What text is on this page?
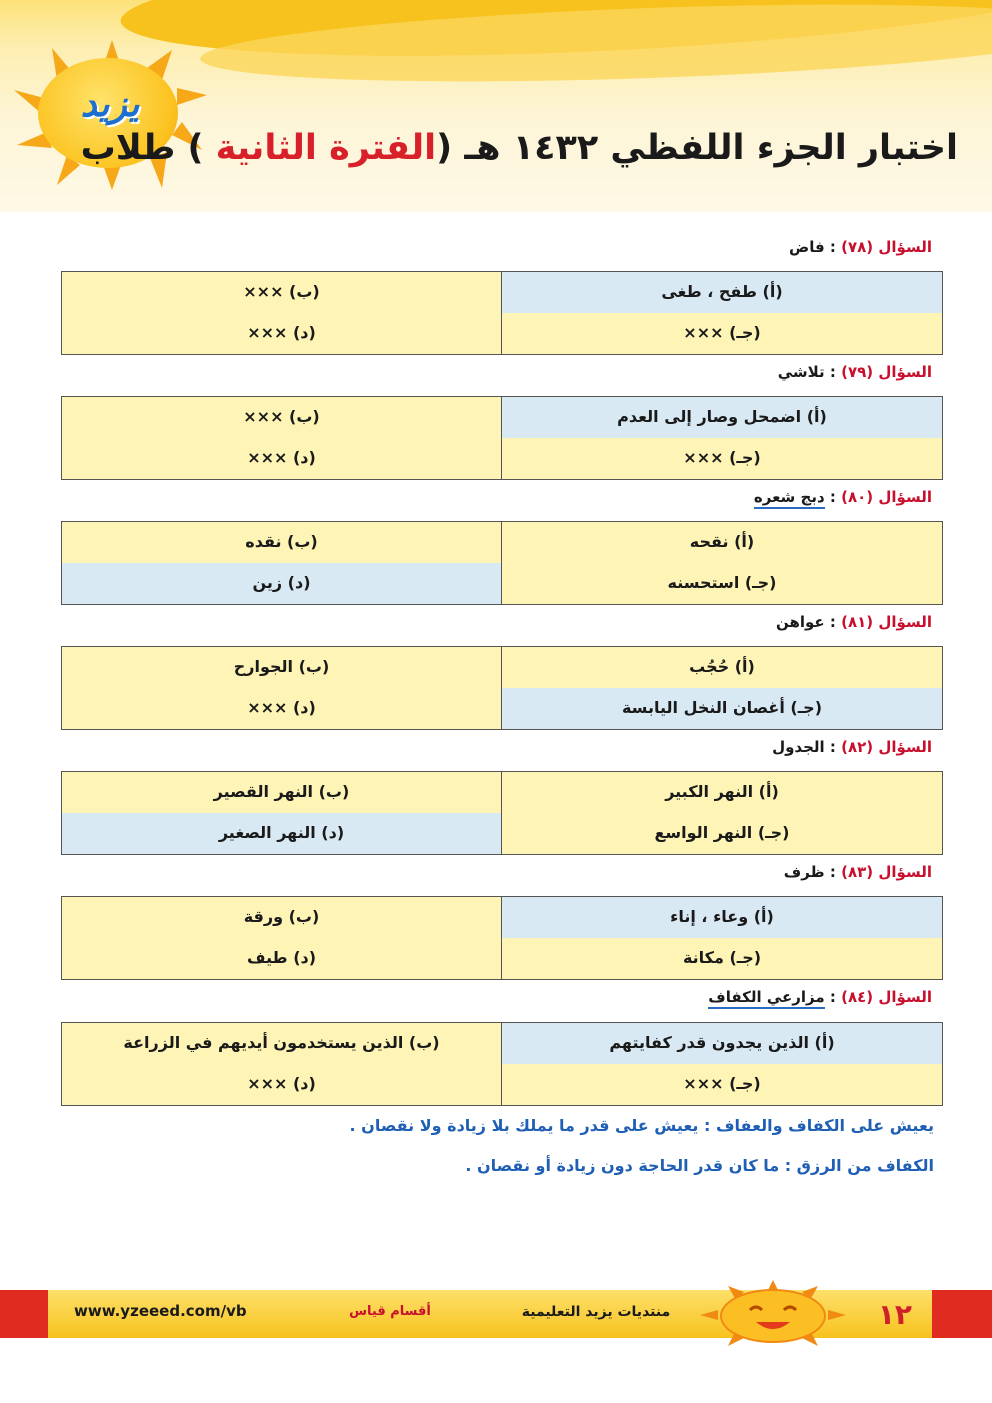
يزيد
اختبار الجزء اللفظي ١٤٣٢ هـ (الفترة الثانية ) طلاب
السؤال (٧٨) : فاض
(أ) طفح ، طغى
(ب) ×××
(جـ) ×××
(د) ×××
السؤال (٧٩) : تلاشي
(أ) اضمحل وصار إلى العدم
(ب) ×××
(جـ) ×××
(د) ×××
السؤال (٨٠) : دبج شعره
(أ) نقحه
(ب) نقده
(جـ) استحسنه
(د) زين
السؤال (٨١) : عواهن
(أ) حُجُب
(ب) الجوارح
(جـ) أغصان النخل اليابسة
(د) ×××
السؤال (٨٢) : الجدول
(أ) النهر الكبير
(ب) النهر القصير
(جـ) النهر الواسع
(د) النهر الصغير
السؤال (٨٣) : ظرف
(أ) وعاء ، إناء
(ب) ورقة
(جـ) مكانة
(د) طيف
السؤال (٨٤) : مزارعي الكفاف
(أ) الذين يجدون قدر كفايتهم
(ب) الذين يستخدمون أيديهم في الزراعة
(جـ) ×××
(د) ×××
يعيش على الكفاف والعفاف : يعيش على قدر ما يملك بلا زيادة ولا نقصان .
الكفاف من الرزق : ما كان قدر الحاجة دون زيادة أو نقصان .
١٢
منتديات يزيد التعليمية
أقسام قياس
www.yzeeed.com/vb
